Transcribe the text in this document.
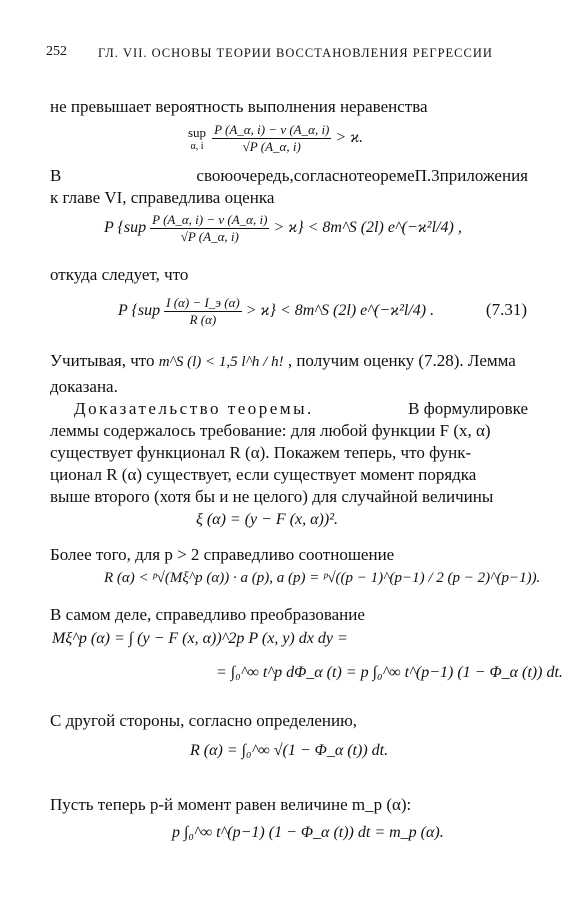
252 ГЛ. VII. ОСНОВЫ ТЕОРИИ ВОССТАНОВЛЕНИЯ РЕГРЕССИИ
не превышает вероятность выполнения неравенства
sup
α, i
$\frac{P (A\_\alpha, i) - \nu (A\_\alpha, i)}{√P (A\_\alpha, i)} > ϰ$.
В своюочередь,согласнотеоремеП.3приложения
к главе VI, справедлива оценка
P $\{sup \frac{P (A\_\alpha, i) - \nu (A\_\alpha, i)}{√P (A\_\alpha, i)} > ϰ\}$ < 8m^S (2l) e^(−ϰ²l/4) ,
откуда следует, что
P $\{sup \frac{I (\alpha) - I\_э (\alpha)}{R (\alpha)} > ϰ\}$ < 8m^S (2l) e^(−ϰ²l/4) .	(7.31)
Учитывая, что m^S (l) < 1,5 l^h / h! , получим оценку (7.28). Лемма
доказана.
Доказательство теоремы.	В формулировке
леммы содержалось требование: для любой функции F (x, α)
существует функционал R (α). Покажем теперь, что функ-
ционал R (α) существует, если существует момент порядка
выше второго (хотя бы и не целого) для случайной величины
ξ (α) = (y − F (x, α))².
Более того, для p > 2 справедливо соотношение
R (α) < ᵖ√(Mξ^p (α)) · a (p), a (p) = ᵖ√((p − 1)^(p−1) / 2 (p − 2)^(p−1)).
В самом деле, справедливо преобразование
Mξ^p (α) = ∫ (y − F (x, α))^2p P (x, y) dx dy =
= ∫₀^∞ t^p dΦ_α (t) = p ∫₀^∞ t^(p−1) (1 − Φ_α (t)) dt.
С другой стороны, согласно определению,
R (α) = ∫₀^∞ √(1 − Φ_α (t)) dt.
Пусть теперь p-й момент равен величине m_p (α):
p ∫₀^∞ t^(p−1) (1 − Φ_α (t)) dt = m_p (α).
